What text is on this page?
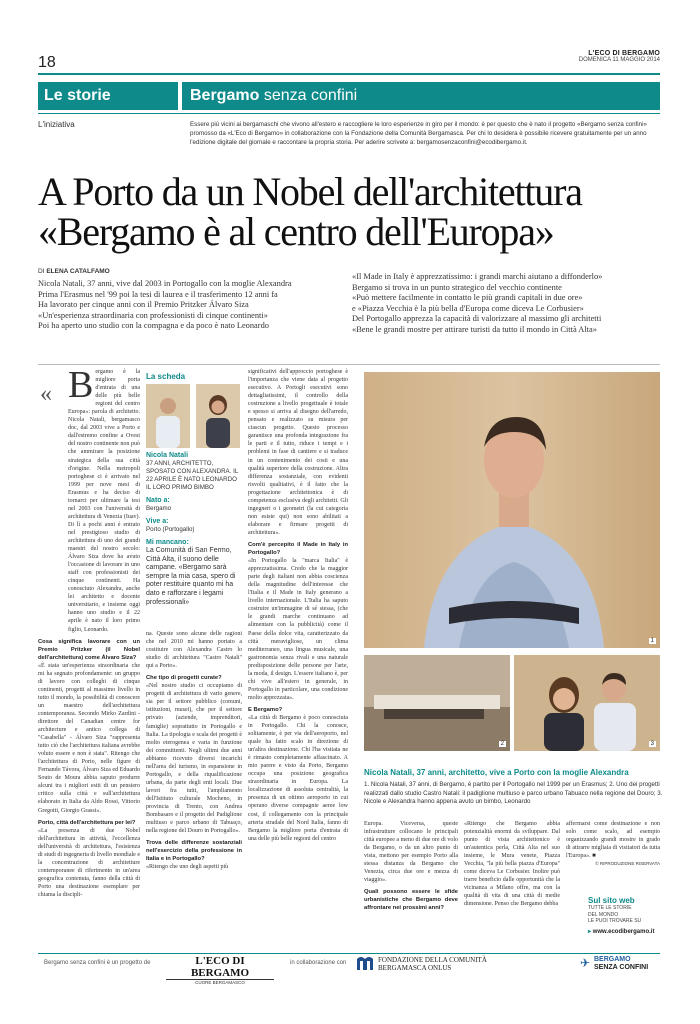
18
L'ECO DI BERGAMO
DOMENICA 11 MAGGIO 2014
Le storie	Bergamo senza confini
L'iniziativa	Essere più vicini ai bergamaschi che vivono all'estero e raccogliere le loro esperienze in giro per il mondo: è per questo che è nato il progetto «Bergamo senza confini» promosso da «L'Eco di Bergamo» in collaborazione con la Fondazione della Comunità Bergamasca. Per chi lo desidera è possibile ricevere gratuitamente per un anno l'edizione digitale del giornale e raccontare la propria storia. Per aderire scrivete a: bergamosenzaconfini@ecodibergamo.it.
A Porto da un Nobel dell'architettura
«Bergamo è al centro dell'Europa»
DI ELENA CATALFAMO
Nicola Natali, 37 anni, vive dal 2003 in Portogallo con la moglie Alexandra
Prima l'Erasmus nel '99 poi la tesi di laurea e il trasferimento 12 anni fa
Ha lavorato per cinque anni con il Premio Pritzker Álvaro Siza
«Un'esperienza straordinaria con professionisti di cinque continenti»
Poi ha aperto uno studio con la compagna e da poco è nato Leonardo
«Il Made in Italy è apprezzatissimo: i grandi marchi aiutano a diffonderlo»
Bergamo si trova in un punto strategico del vecchio continente
«Può mettere facilmente in contatto le più grandi capitali in due ore»
e «Piazza Vecchia è la più bella d'Europa come diceva Le Corbusier»
Del Portogallo apprezza la capacità di valorizzare al massimo gli architetti
«Bene le grandi mostre per attirare turisti da tutto il mondo in Città Alta»
« Bergamo è la migliore porta d'entrata di una delle più belle regioni del centro Europa»: parola di architetto. Nicola Natali, bergamasco doc, dal 2003 vive a Porto e dall'estremo confine a Ovest del nostro continente non può che ammirare la posizione strategica della sua città d'origine. Nella metropoli portoghese ci è arrivato nel 1999 per nove mesi di Erasmus e ha deciso di tornarci per ultimare la tesi nel 2003 con l'università di architettura di Venezia (Iuav). Di lì a pochi anni è entrato nel prestigioso studio di architettura di uno dei grandi maestri del nostro secolo: Álvaro Siza dove ha avuto l'occasione di lavorare in uno staff con professionisti dei cinque continenti. Ha conosciuto Alexandra, anche lei architetto e docente universitario, e insieme oggi hanno uno studio e il 22 aprile è nato il loro primo figlio, Leonardo.

Cosa significa lavorare con un Premio Pritzker (il Nobel dell'architettura) come Álvaro Siza?

«È stata un'esperienza straordinaria che mi ha segnato profondamente: un gruppo di lavoro con colleghi di cinque continenti, progetti al massimo livello in tutto il mondo, la possibilità di conoscere un maestro dell'architettura contemporanea. Secondo Mirko Zardini - direttore del Canadian centre for architecture e antico collega di "Casabella" - Álvaro Siza "rappresenta tutto ciò che l'architettura italiana avrebbe voluto essere e non è stata". Ritengo che l'architettura di Porto, nelle figure di Fernando Távora, Álvaro Siza ed Eduardo Souto de Moura abbia saputo produrre alcuni tra i migliori esiti di un pensiero critico sulla città e sull'architettura elaborato in Italia da Aldo Rossi, Vittorio Gregotti, Giorgio Grassi».

Porto, città dell'architettura per lei?

«La presenza di due Nobel dell'architettura in attività, l'eccellenza dell'università di architettura, l'esistenza di studi di ingegneria di livello mondiale e la concentrazione di architetture contemporanee di riferimento in un'area geografica contenuta, fanno della città di Porto una destinazione esemplare per chiama la discipli-

La scheda
Nicola Natali
37 ANNI, ARCHITETTO, SPOSATO CON ALEXANDRA. IL 22 APRILE È NATO LEONARDO IL LORO PRIMO BIMBO
Nato a:
Bergamo
Vive a:
Porto (Portogallo)
Mi mancano:
La Comunità di San Fermo, Città Alta, il suono delle campane. «Bergamo sarà sempre la mia casa, spero di poter restituire quanto mi ha dato e rafforzare i legami professionali»

na. Queste sono alcune delle ragioni che nel 2010 mi hanno portato a costituire con Alexandra Castro lo studio di architettura "Castro Natali" qui a Porto».

Che tipo di progetti curate?

«Nel nostro studio ci occupiamo di progetti di architettura di vario genere, sia per il settore pubblico (comuni, istituzioni, musei), che per il settore privato (aziende, imprenditori, famiglie) soprattutto in Portogallo e Italia. La tipologia e scala dei progetti è molto eterogenea e varia in funzione dei committenti. Negli ultimi due anni abbiamo ricevuto diversi incarichi nell'area del turismo, in espansione in Portogallo, e della riqualificazione urbana, da parte degli enti locali. Due lavori fra tutti, l'ampliamento dell'Istituto culturale Mocheno, in provincia di Trento, con Andrea Bombasaro e il progetto del Padiglione multiuso e parco urbano di Tabuaço, nella regione del Douro in Portogallo».

Trova delle differenze sostanziali nell'esercizio della professione in Italia e in Portogallo?

«Ritengo che uno degli aspetti più

significativi dell'approccio portoghese è l'importanza che viene data al progetto esecutivo. A Portogli esecutivi sono dettagliatissimi, il controllo della costruzione a livello progettuale è totale e spesso si arriva al disegno dell'arredo, pensato e realizzato su misura per ciascun progetto. Questo processo garantisce una profonda integrazione fra le parti e il tutto, riduce i tempi e i problemi in fase di cantiere e si traduce in un contenimento dei costi e una qualità superiore della costruzione. Altra differenza sostanziale, con evidenti risvolti qualitativi, è il fatto che la progettazione architettonica è di competenza esclusiva degli architetti. Gli ingegneri o i geometri (la cui categoria non esiste qui) non sono abilitati a elaborare e firmare progetti di architettura».

Com'è percepito il Made in Italy in Portogallo?

«In Portogallo la "marca Italia" è apprezzatissima. Credo che la maggior parte degli italiani non abbia coscienza della magnitudine dell'interesse che l'Italia e il Made in Italy generano a livello internazionale. L'Italia ha saputo costruire un'immagine di sé stessa, (che le grandi marche continuano ad alimentare con la pubblicità) come il Paese della dolce vita, caratterizzato da città meravigliose, un clima mediterraneo, una lingua musicale, una gastronomia senza rivali e una naturale predisposizione delle persone per l'arte, la moda, il design. L'essere italiano è, per chi vive all'estero in generale, in Portogallo in particolare, una condizione molto apprezzata».

E Bergamo?

«La città di Bergamo è poco conosciuta in Portogallo. Chi la conosce, solitamente, è per via dell'aeroporto, nel quale ha fatto scalo in direzione di un'altra destinazione. Chi l'ha visitata ne è rimasto completamente affascinato. A mio parere e visto da Porto, Bergamo occupa una posizione geografica straordinaria in Europa. La localizzazione di assoluta centralità, la presenza di un ottimo aeroporto in cui operano diverse compagnie aeree low cost, il collegamento con la principale arteria stradale del Nord Italia, fanno di Bergamo la migliore porta d'entrata di una delle più belle regioni del centro

1
2	3
Nicola Natali, 37 anni, architetto, vive a Porto con la moglie Alexandra
1. Nicola Natali, 37 anni, di Bergamo, è partito per il Portogallo nel 1999 per un Erasmus; 2. Uno dei progetti realizzati dallo studio Castro Natali: il padiglione multiuso e parco urbano Tabuaco nella regione del Douro; 3. Nicole e Alexandra hanno appena avuto un bimbo, Leonardo

Europa. Viceversa, queste infrastrutture collocano le principali città europee a meno di due ore di volo da Bergamo, o da un altro punto di vista, mettono per esempio Porto alla stessa distanza da Bergamo che Venezia, circa due ore e mezza di viaggio».

Quali possono essere le sfide urbanistiche che Bergamo deve affrontare nei prossimi anni?

«Ritengo che Bergamo abbia potenzialità enormi da sviluppare. Dal punto di vista architettonico è un'autentica perla, Città Alta nel suo insieme, le Mura venete, Piazza Vecchia, "la più bella piazza d'Europa" come diceva Le Corbusier. Inoltre può trarre beneficio dalle opportunità che la vicinanza a Milano offre, ma con la qualità di vita di una città di medie dimensione. Penso che Bergamo debba

affermarsi come destinazione e non solo come scalo, ad esempio organizzando grandi mostre in grado di attrarre migliaia di visitatori da tutta l'Europa». ■

© RIPRODUZIONE RISERVATA

Sul sito web
TUTTE LE STORIE
DEL MONDO
LE PUOI TROVARE SU
▸ www.ecodibergamo.it
Bergamo senza confini è un progetto de	L'ECO DI BERGAMO
CUORE BERGAMASCO
in collaborazione con	FONDAZIONE DELLA COMUNITÀ
BERGAMASCA ONLUS	✈ BERGAMO
SENZA CONFINI
